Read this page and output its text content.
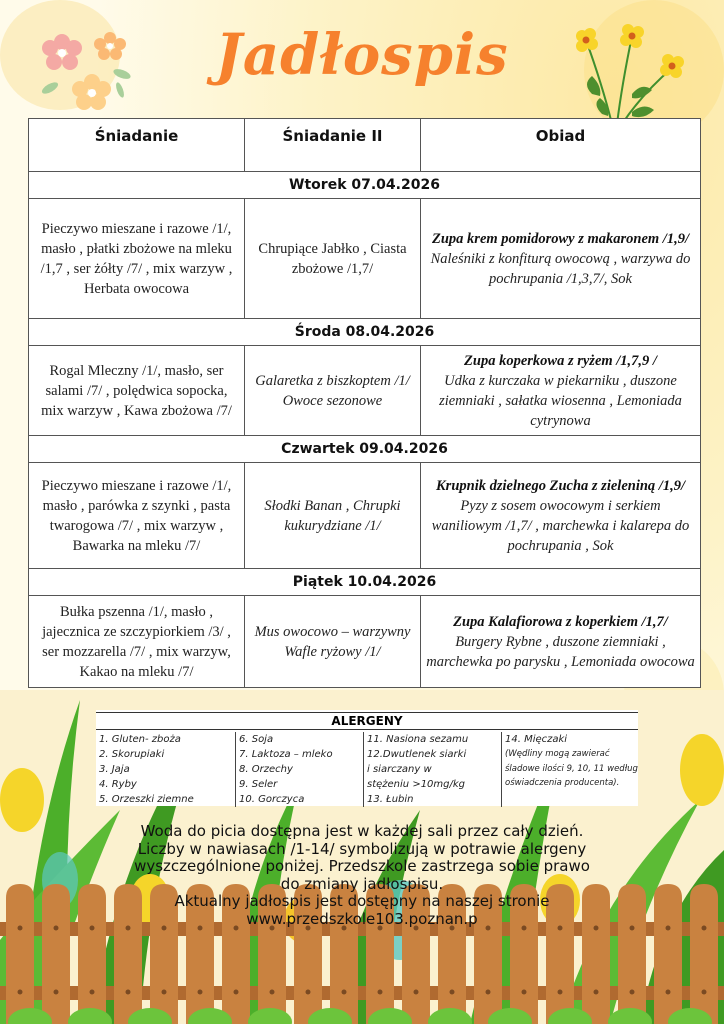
Jadłospis
Śniadanie	Śniadanie II	Obiad
Wtorek 07.04.2026		
Pieczywo mieszane i razowe /1/, masło , płatki zbożowe na mleku /1,7 , ser żółty /7/ , mix warzyw , Herbata owocowa	Chrupiące Jabłko , Ciasta zbożowe /1,7/	Zupa krem pomidorowy z makaronem /1,9/
Naleśniki z konfiturą owocową , warzywa do pochrupania /1,3,7/, Sok
Środa 08.04.2026		
Rogal Mleczny /1/, masło, ser salami /7/ , polędwica sopocka, mix warzyw , Kawa zbożowa /7/	Galaretka z biszkoptem /1/ Owoce sezonowe	Zupa koperkowa z ryżem /1,7,9 /
Udka z kurczaka w piekarniku , duszone ziemniaki , sałatka wiosenna , Lemoniada cytrynowa
Czwartek 09.04.2026		
Pieczywo mieszane i razowe /1/, masło , parówka z szynki , pasta twarogowa /7/ , mix warzyw , Bawarka na mleku /7/	Słodki Banan , Chrupki kukurydziane /1/	Krupnik dzielnego Zucha z zieleniną /1,9/
Pyzy z sosem owocowym i serkiem waniliowym /1,7/ , marchewka i kalarepa do pochrupania , Sok
Piątek 10.04.2026		
Bułka pszenna /1/, masło , jajecznica ze szczypiorkiem /3/ , ser mozzarella /7/ , mix warzyw, Kakao na mleku /7/	Mus owocowo – warzywny Wafle ryżowy /1/	Zupa Kalafiorowa z koperkiem /1,7/
Burgery Rybne , duszone ziemniaki , marchewka po parysku , Lemoniada owocowa
ALERGENY
1. Gluten- zboża
2. Skorupiaki
3. Jaja
4. Ryby
5. Orzeszki ziemne
6. Soja
7. Laktoza – mleko
8. Orzechy
9. Seler
10. Gorczyca
11. Nasiona sezamu
12.Dwutlenek siarki
i siarczany w
stężeniu >10mg/kg
13. Łubin
14. Mięczaki
(Wędliny mogą zawierać śladowe ilości 9, 10, 11 według oświadczenia producenta).
Woda do picia dostępna jest w każdej sali przez cały dzień.
Liczby w nawiasach /1-14/ symbolizują w potrawie alergeny
wyszczególnione poniżej. Przedszkole zastrzega sobie prawo
do zmiany jadłospisu.
Aktualny jadłospis jest dostępny na naszej stronie
www.przedszkole103.poznan.p
